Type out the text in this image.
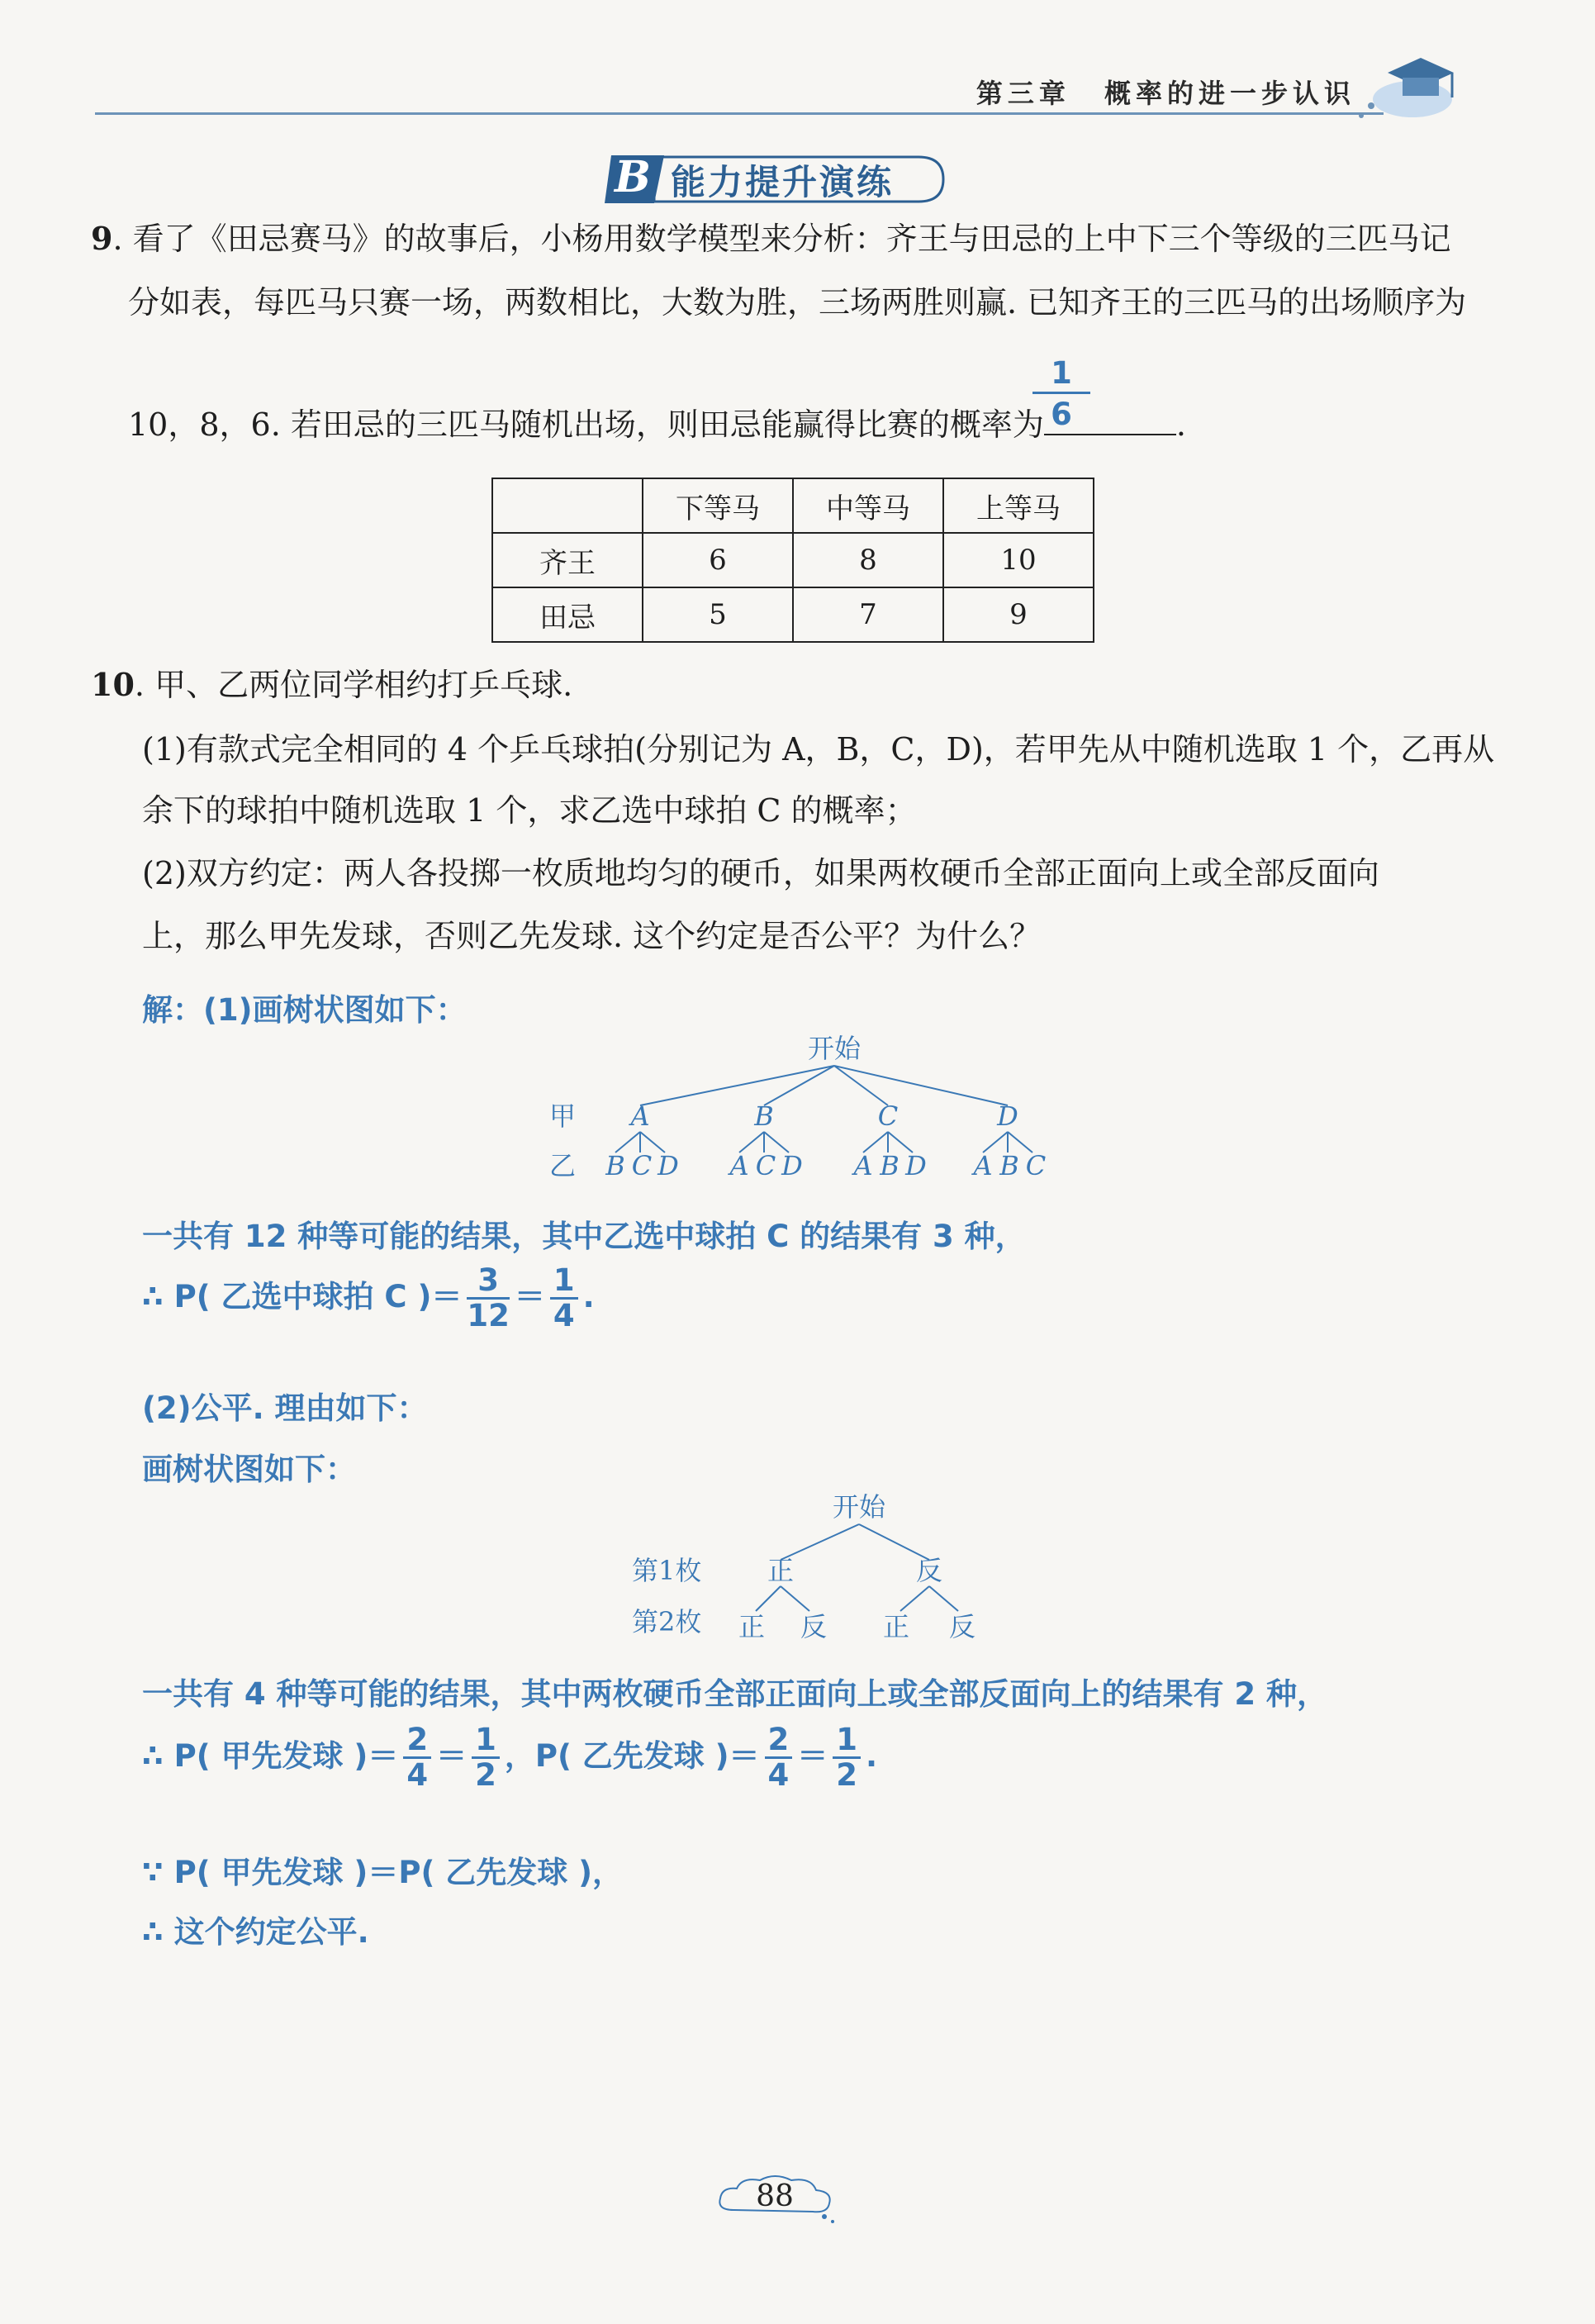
第三章 概率的进一步认识
B 能力提升演练
9. 看了《田忌赛马》的故事后，小杨用数学模型来分析：齐王与田忌的上中下三个等级的三匹马记
分如表，每匹马只赛一场，两数相比，大数为胜，三场两胜则赢. 已知齐王的三匹马的出场顺序为
10，8，6. 若田忌的三匹马随机出场，则田忌能赢得比赛的概率为	.
$\frac{1}{6}$
	下等马	中等马	上等马
齐王	6	8	10
田忌	5	7	9
10. 甲、乙两位同学相约打乒乓球.
(1)有款式完全相同的 4 个乒乓球拍(分别记为 A，B，C，D)，若甲先从中随机选取 1 个，乙再从
余下的球拍中随机选取 1 个，求乙选中球拍 C 的概率；
(2)双方约定：两人各投掷一枚质地均匀的硬币，如果两枚硬币全部正面向上或全部反面向
上，那么甲先发球，否则乙先发球. 这个约定是否公平？为什么？
解：(1)画树状图如下：
开始
甲
乙
A	B	C	D
B C D A C D A B D A B C
一共有 12 种等可能的结果，其中乙选中球拍 C 的结果有 3 种，
∴ P( 乙选中球拍 C )＝ $\frac{3}{12} = \frac{1}{4}$ .
(2)公平. 理由如下：
画树状图如下：
开始
第1枚
第2枚
正	反
正 反 正 反
一共有 4 种等可能的结果，其中两枚硬币全部正面向上或全部反面向上的结果有 2 种，
∴ P( 甲先发球 )＝ $\frac{2}{4} = \frac{1}{2}$ ，P( 乙先发球 )＝ $\frac{2}{4} = \frac{1}{2}$ .
∵ P( 甲先发球 )＝P( 乙先发球 )，
∴ 这个约定公平.
88
